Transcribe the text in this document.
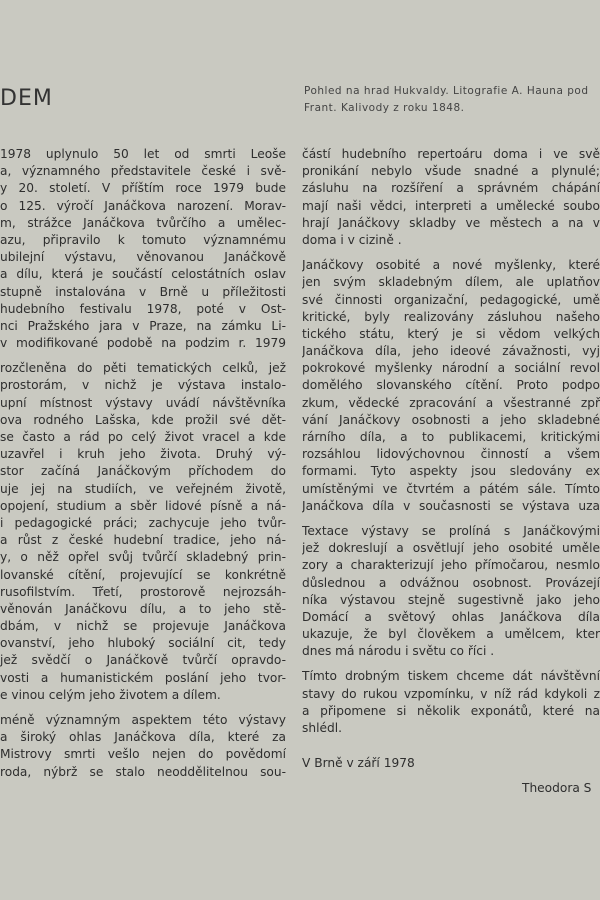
DEM	Pohled na hrad Hukvaldy. Litografie A. Hauna pod
Frant. Kalivody z roku 1848.
1978 uplynulo 50 let od smrti Leoše
a, významného představitele české i svě-
y 20. století. V příštím roce 1979 bude
o 125. výročí Janáčkova narození. Morav-
m, strážce Janáčkova tvůrčího a umělec-
azu, připravilo k tomuto významnému
ubilejní výstavu, věnovanou Janáčkově
a dílu, která je součástí celostátních oslav
stupně instalována v Brně u příležitosti
hudebního festivalu 1978, poté v Ost-
nci Pražského jara v Praze, na zámku Li-
v modifikované podobě na podzim r. 1979
rozčleněna do pěti tematických celků, jež
prostorám, v nichž je výstava instalo-
upní místnost výstavy uvádí návštěvníka
ova rodného Lašska, kde prožil své dět-
se často a rád po celý život vracel a kde
uzavřel i kruh jeho života. Druhý vý-
stor začíná Janáčkovým příchodem do
uje jej na studiích, ve veřejném životě,
opojení, studium a sběr lidové písně a ná-
i pedagogické práci; zachycuje jeho tvůr-
a růst z české hudební tradice, jeho ná-
y, o něž opřel svůj tvůrčí skladebný prin-
lovanské cítění, projevující se konkrétně
rusofilstvím. Třetí, prostorově nejrozsáh-
věnován Janáčkovu dílu, a to jeho stě-
dbám, v nichž se projevuje Janáčkova
ovanství, jeho hluboký sociální cit, tedy
jež svědčí o Janáčkově tvůrčí opravdo-
vosti a humanistickém poslání jeho tvor-
e vinou celým jeho životem a dílem.
méně významným aspektem této výstavy
a široký ohlas Janáčkova díla, které za
Mistrovy smrti vešlo nejen do povědomí
roda, nýbrž se stalo neoddělitelnou sou-
částí hudebního repertoáru doma i ve svě
pronikání nebylo všude snadné a plynulé;
zásluhu na rozšíření a správném chápání
mají naši vědci, interpreti a umělecké soubo
hrají Janáčkovy skladby ve městech a na v
doma i v cizině .
Janáčkovy osobité a nové myšlenky, které
jen svým skladebným dílem, ale uplatňov
své činnosti organizační, pedagogické, umě
kritické, byly realizovány zásluhou našeho
tického státu, který je si vědom velkých
Janáčkova díla, jeho ideové závažnosti, vyj
pokrokové myšlenky národní a sociální revol
domělého slovanského cítění. Proto podpo
zkum, vědecké zpracování a všestranné zpř
vání Janáčkovy osobnosti a jeho skladebné
rárního díla, a to publikacemi, kritickými
rozsáhlou lidovýchovnou činností a všem
formami. Tyto aspekty jsou sledovány ex
umístěnými ve čtvrtém a pátém sále. Tímto
Janáčkova díla v současnosti se výstava uza
Textace výstavy se prolíná s Janáčkovými
jež dokreslují a osvětlují jeho osobité uměle
zory a charakterizují jeho přímočarou, nesmlo
důslednou a odvážnou osobnost. Provázejí
níka výstavou stejně sugestivně jako jeho
Domácí a světový ohlas Janáčkova díla
ukazuje, že byl člověkem a umělcem, kter
dnes má národu i světu co říci .
Tímto drobným tiskem chceme dát návštěvní
stavy do rukou vzpomínku, v níž rád kdykoli z
a připomene si několik exponátů, které na
shlédl.
V Brně v září 1978
Theodora S
